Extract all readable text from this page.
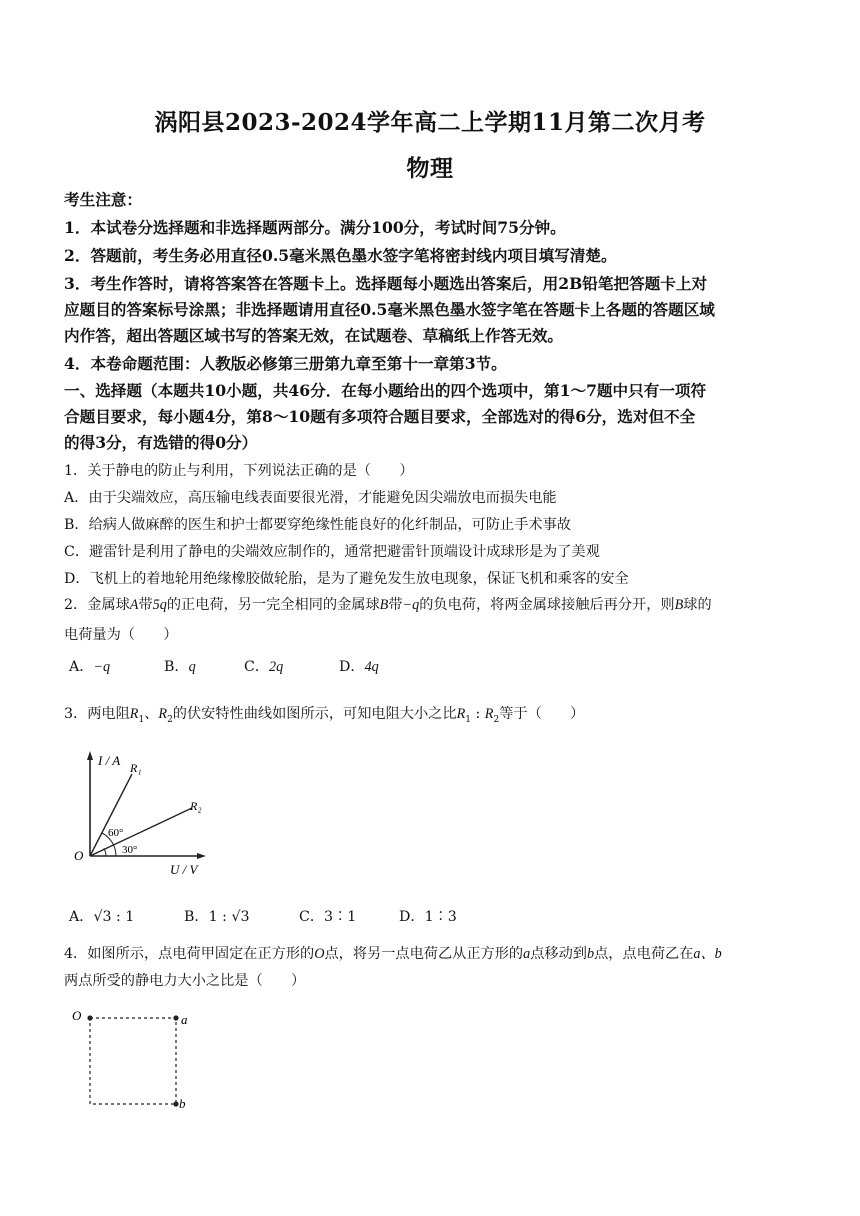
涡阳县2023-2024学年高二上学期11月第二次月考
物理
考生注意：
1．本试卷分选择题和非选择题两部分。满分100分，考试时间75分钟。
2．答题前，考生务必用直径0.5毫米黑色墨水签字笔将密封线内项目填写清楚。
3．考生作答时，请将答案答在答题卡上。选择题每小题选出答案后，用2B铅笔把答题卡上对
应题目的答案标号涂黑；非选择题请用直径0.5毫米黑色墨水签字笔在答题卡上各题的答题区域
内作答，超出答题区域书写的答案无效，在试题卷、草稿纸上作答无效。
4．本卷命题范围：人教版必修第三册第九章至第十一章第3节。
一、选择题（本题共10小题，共46分．在每小题给出的四个选项中，第1～7题中只有一项符
合题目要求，每小题4分，第8～10题有多项符合题目要求，全部选对的得6分，选对但不全
的得3分，有选错的得0分）
1．关于静电的防止与利用，下列说法正确的是（　　）
A．由于尖端效应，高压输电线表面要很光滑，才能避免因尖端放电而损失电能
B．给病人做麻醉的医生和护士都要穿绝缘性能良好的化纤制品，可防止手术事故
C．避雷针是利用了静电的尖端效应制作的，通常把避雷针顶端设计成球形是为了美观
D．飞机上的着地轮用绝缘橡胶做轮胎，是为了避免发生放电现象，保证飞机和乘客的安全
2．金属球A带5q的正电荷，另一完全相同的金属球B带−q的负电荷，将两金属球接触后再分开，则B球的
电荷量为（　　）
A．−q	B．q	C．2q	D．4q
3．两电阻$R_1$、$R_2$的伏安特性曲线如图所示，可知电阻大小之比$R_1$ : $R_2$等于（　　）
I / A
U / V
O
R₁
R₂
60°
30°
A．√3 : 1	B．1 : √3	C．3∶1	D．1∶3
4．如图所示，点电荷甲固定在正方形的O点，将另一点电荷乙从正方形的a点移动到b点，点电荷乙在a、b
两点所受的静电力大小之比是（　　）
O	a
b
